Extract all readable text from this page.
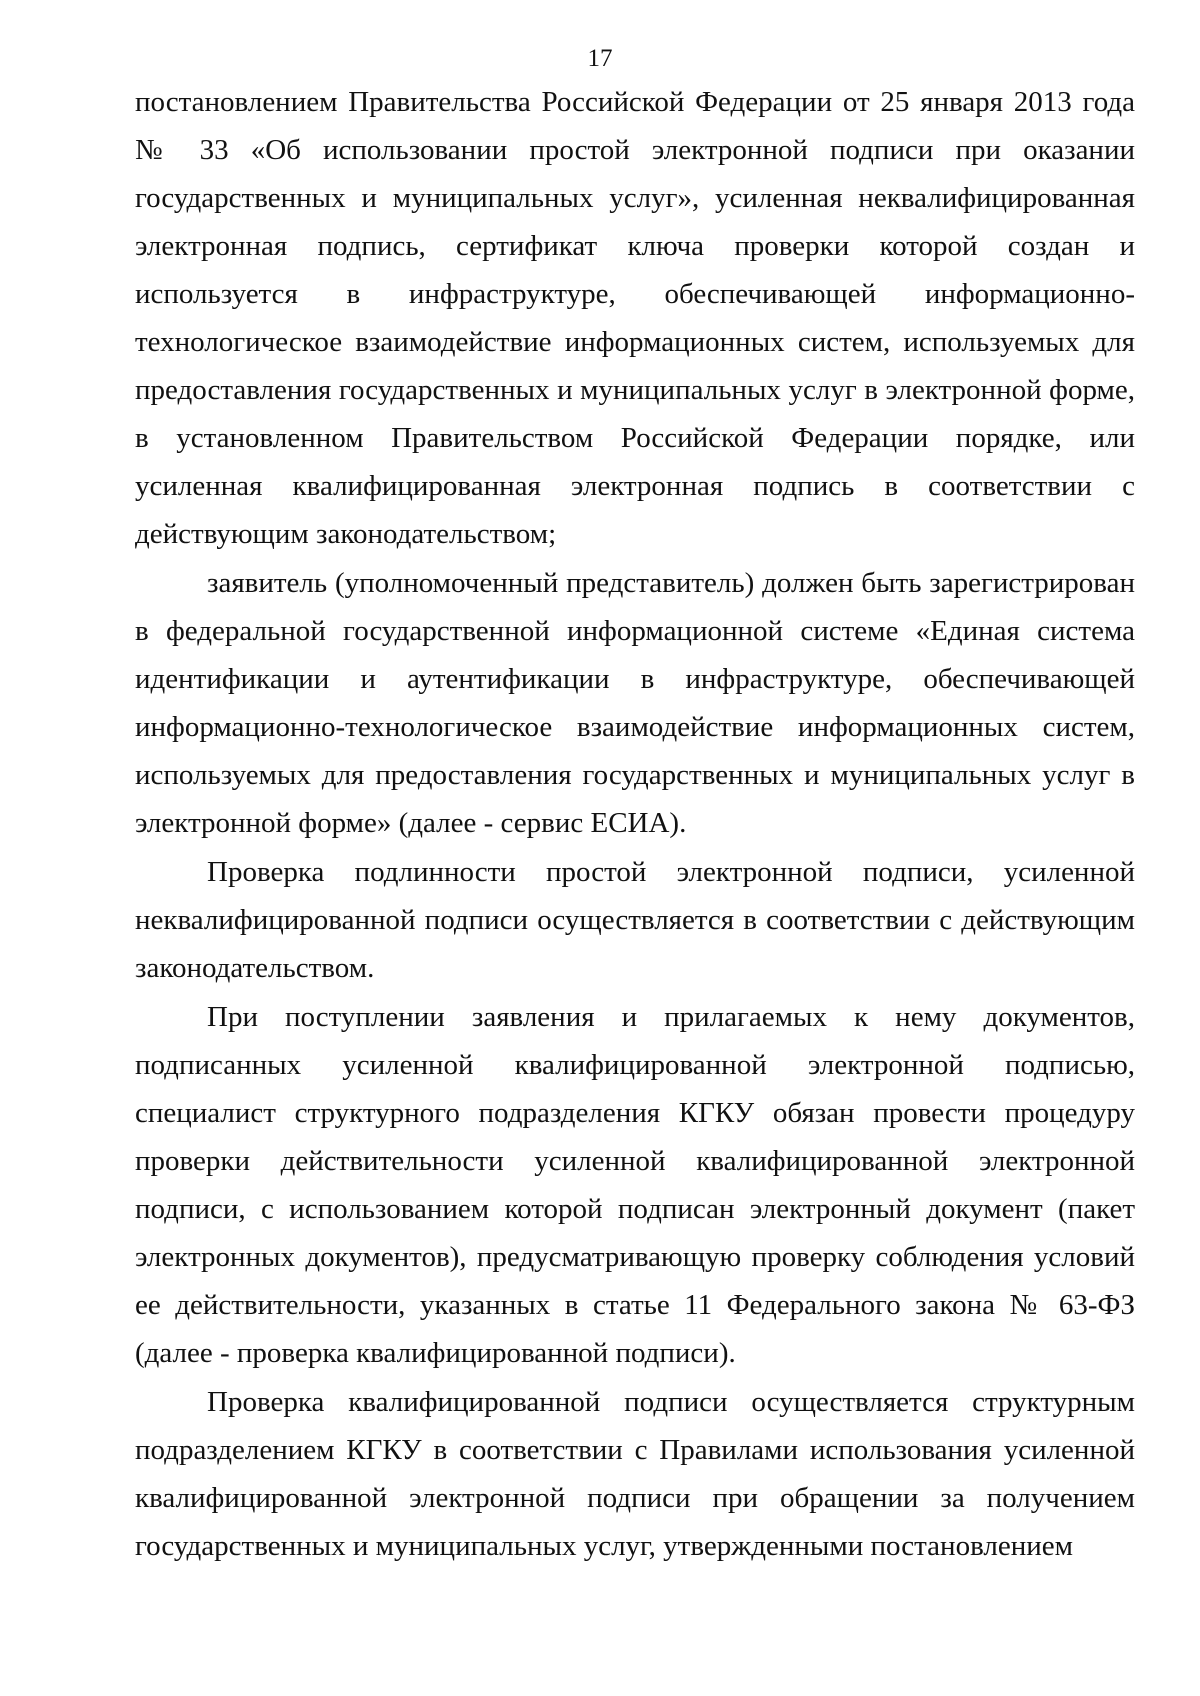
17

постановлением Правительства Российской Федерации от 25 января 2013 года № 33 «Об использовании простой электронной подписи при оказании государственных и муниципальных услуг», усиленная неквалифицированная электронная подпись, сертификат ключа проверки которой создан и используется в инфраструктуре, обеспечивающей информационно-технологическое взаимодействие информационных систем, используемых для предоставления государственных и муниципальных услуг в электронной форме, в установленном Правительством Российской Федерации порядке, или усиленная квалифицированная электронная подпись в соответствии с действующим законодательством;

заявитель (уполномоченный представитель) должен быть зарегистрирован в федеральной государственной информационной системе «Единая система идентификации и аутентификации в инфраструктуре, обеспечивающей информационно-технологическое взаимодействие информационных систем, используемых для предоставления государственных и муниципальных услуг в электронной форме» (далее - сервис ЕСИА).

Проверка подлинности простой электронной подписи, усиленной неквалифицированной подписи осуществляется в соответствии с действующим законодательством.

При поступлении заявления и прилагаемых к нему документов, подписанных усиленной квалифицированной электронной подписью, специалист структурного подразделения КГКУ обязан провести процедуру проверки действительности усиленной квалифицированной электронной подписи, с использованием которой подписан электронный документ (пакет электронных документов), предусматривающую проверку соблюдения условий ее действительности, указанных в статье 11 Федерального закона № 63-ФЗ (далее - проверка квалифицированной подписи).

Проверка квалифицированной подписи осуществляется структурным подразделением КГКУ в соответствии с Правилами использования усиленной квалифицированной электронной подписи при обращении за получением государственных и муниципальных услуг, утвержденными постановлением
